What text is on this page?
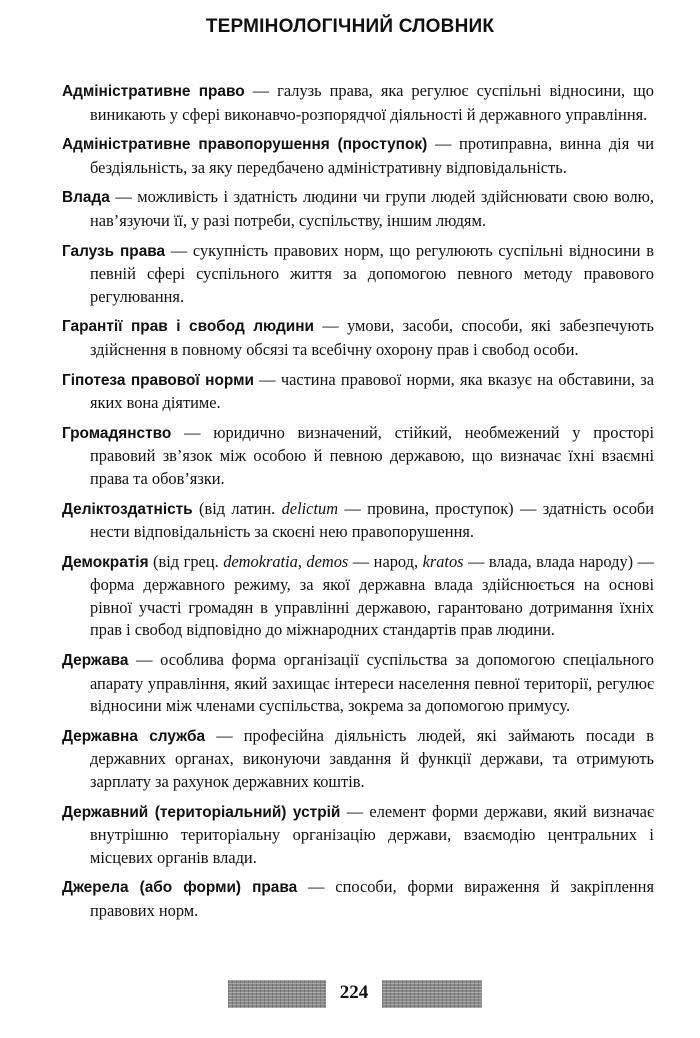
ТЕРМІНОЛОГІЧНИЙ СЛОВНИК

Адміністративне право — галузь права, яка регулює суспільні відносини, що виникають у сфері виконавчо-розпорядчої діяльності й державного управління.

Адміністративне правопорушення (проступок) — протиправна, винна дія чи бездіяльність, за яку передбачено адміністративну відповідальність.

Влада — можливість і здатність людини чи групи людей здійснювати свою волю, нав’язуючи її, у разі потреби, суспільству, іншим людям.

Галузь права — сукупність правових норм, що регулюють суспільні відносини в певній сфері суспільного життя за допомогою певного методу правового регулювання.

Гарантії прав і свобод людини — умови, засоби, способи, які забезпечують здійснення в повному обсязі та всебічну охорону прав і свобод особи.

Гіпотеза правової норми — частина правової норми, яка вказує на обставини, за яких вона діятиме.

Громадянство — юридично визначений, стійкий, необмежений у просторі правовий зв’язок між особою й певною державою, що визначає їхні взаємні права та обов’язки.

Деліктоздатність (від латин. delictum — провина, проступок) — здатність особи нести відповідальність за скоєні нею правопорушення.

Демократія (від грец. demokratia, demos — народ, kratos — влада, влада народу) — форма державного режиму, за якої державна влада здійснюється на основі рівної участі громадян в управлінні державою, гарантовано дотримання їхніх прав і свобод відповідно до міжнародних стандартів прав людини.

Держава — особлива форма організації суспільства за допомогою спеціального апарату управління, який захищає інтереси населення певної території, регулює відносини між членами суспільства, зокрема за допомогою примусу.

Державна служба — професійна діяльність людей, які займають посади в державних органах, виконуючи завдання й функції держави, та отримують зарплату за рахунок державних коштів.

Державний (територіальний) устрій — елемент форми держави, який визначає внутрішню територіальну організацію держави, взаємодію центральних і місцевих органів влади.

Джерела (або форми) права — способи, форми вираження й закріплення правових норм.

224
